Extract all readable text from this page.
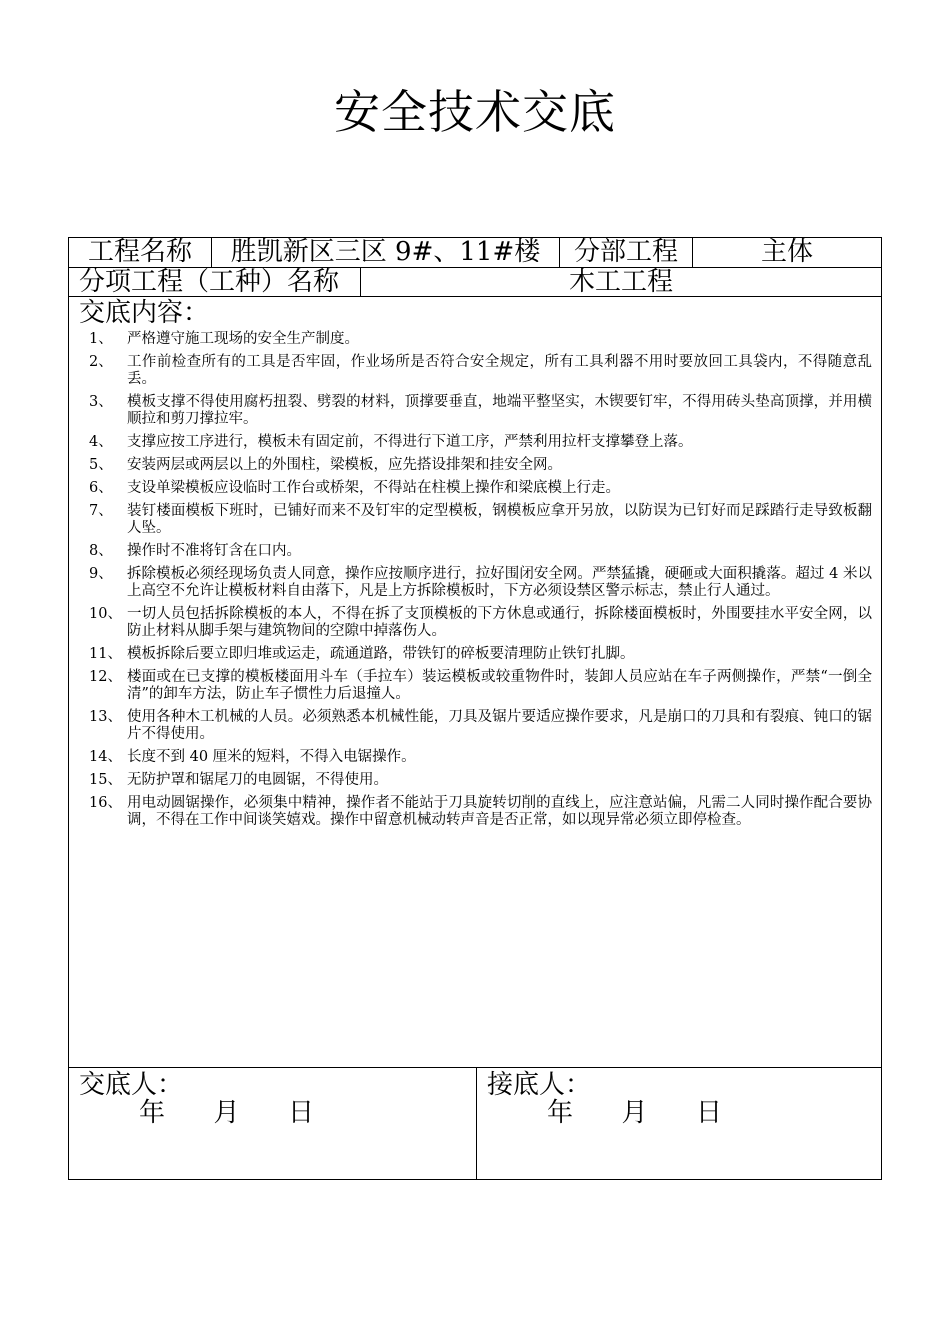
安全技术交底
工程名称	胜凯新区三区 9#、11#楼	分部工程	主体
分项工程（工种）名称	木工工程
交底内容：
1、 严格遵守施工现场的安全生产制度。
2、 工作前检查所有的工具是否牢固，作业场所是否符合安全规定，所有工具利器不用时要放回工具袋内，不得随意乱丢。
3、 模板支撑不得使用腐朽扭裂、劈裂的材料，顶撑要垂直，地端平整坚实，木锲要钉牢，不得用砖头垫高顶撑，并用横顺拉和剪刀撑拉牢。
4、 支撑应按工序进行，模板未有固定前，不得进行下道工序，严禁利用拉杆支撑攀登上落。
5、 安装两层或两层以上的外围柱，梁模板，应先搭设排架和挂安全网。
6、 支设单梁模板应设临时工作台或桥架，不得站在柱模上操作和梁底模上行走。
7、 装钉楼面模板下班时，已铺好而来不及钉牢的定型模板，钢模板应拿开另放，以防误为已钉好而足踩踏行走导致板翻人坠。
8、 操作时不准将钉含在口内。
9、 拆除模板必须经现场负责人同意，操作应按顺序进行，拉好围闭安全网。严禁猛撬，硬砸或大面积撬落。超过 4 米以上高空不允许让模板材料自由落下，凡是上方拆除模板时，下方必须设禁区警示标志，禁止行人通过。
10、 一切人员包括拆除模板的本人，不得在拆了支顶模板的下方休息或通行，拆除楼面模板时，外围要挂水平安全网，以防止材料从脚手架与建筑物间的空隙中掉落伤人。
11、 模板拆除后要立即归堆或运走，疏通道路，带铁钉的碎板要清理防止铁钉扎脚。
12、 楼面或在已支撑的模板楼面用斗车（手拉车）装运模板或较重物件时，装卸人员应站在车子两侧操作，严禁“一倒全清”的卸车方法，防止车子惯性力后退撞人。
13、 使用各种木工机械的人员。必须熟悉本机械性能，刀具及锯片要适应操作要求，凡是崩口的刀具和有裂痕、钝口的锯片不得使用。
14、 长度不到 40 厘米的短料，不得入电锯操作。
15、 无防护罩和锯尾刀的电圆锯，不得使用。
16、 用电动圆锯操作，必须集中精神，操作者不能站于刀具旋转切削的直线上，应注意站偏，凡需二人同时操作配合要协调，不得在工作中间谈笑嬉戏。操作中留意机械动转声音是否正常，如以现异常必须立即停检查。
交底人：
年  月  日
接底人：
年  月  日
